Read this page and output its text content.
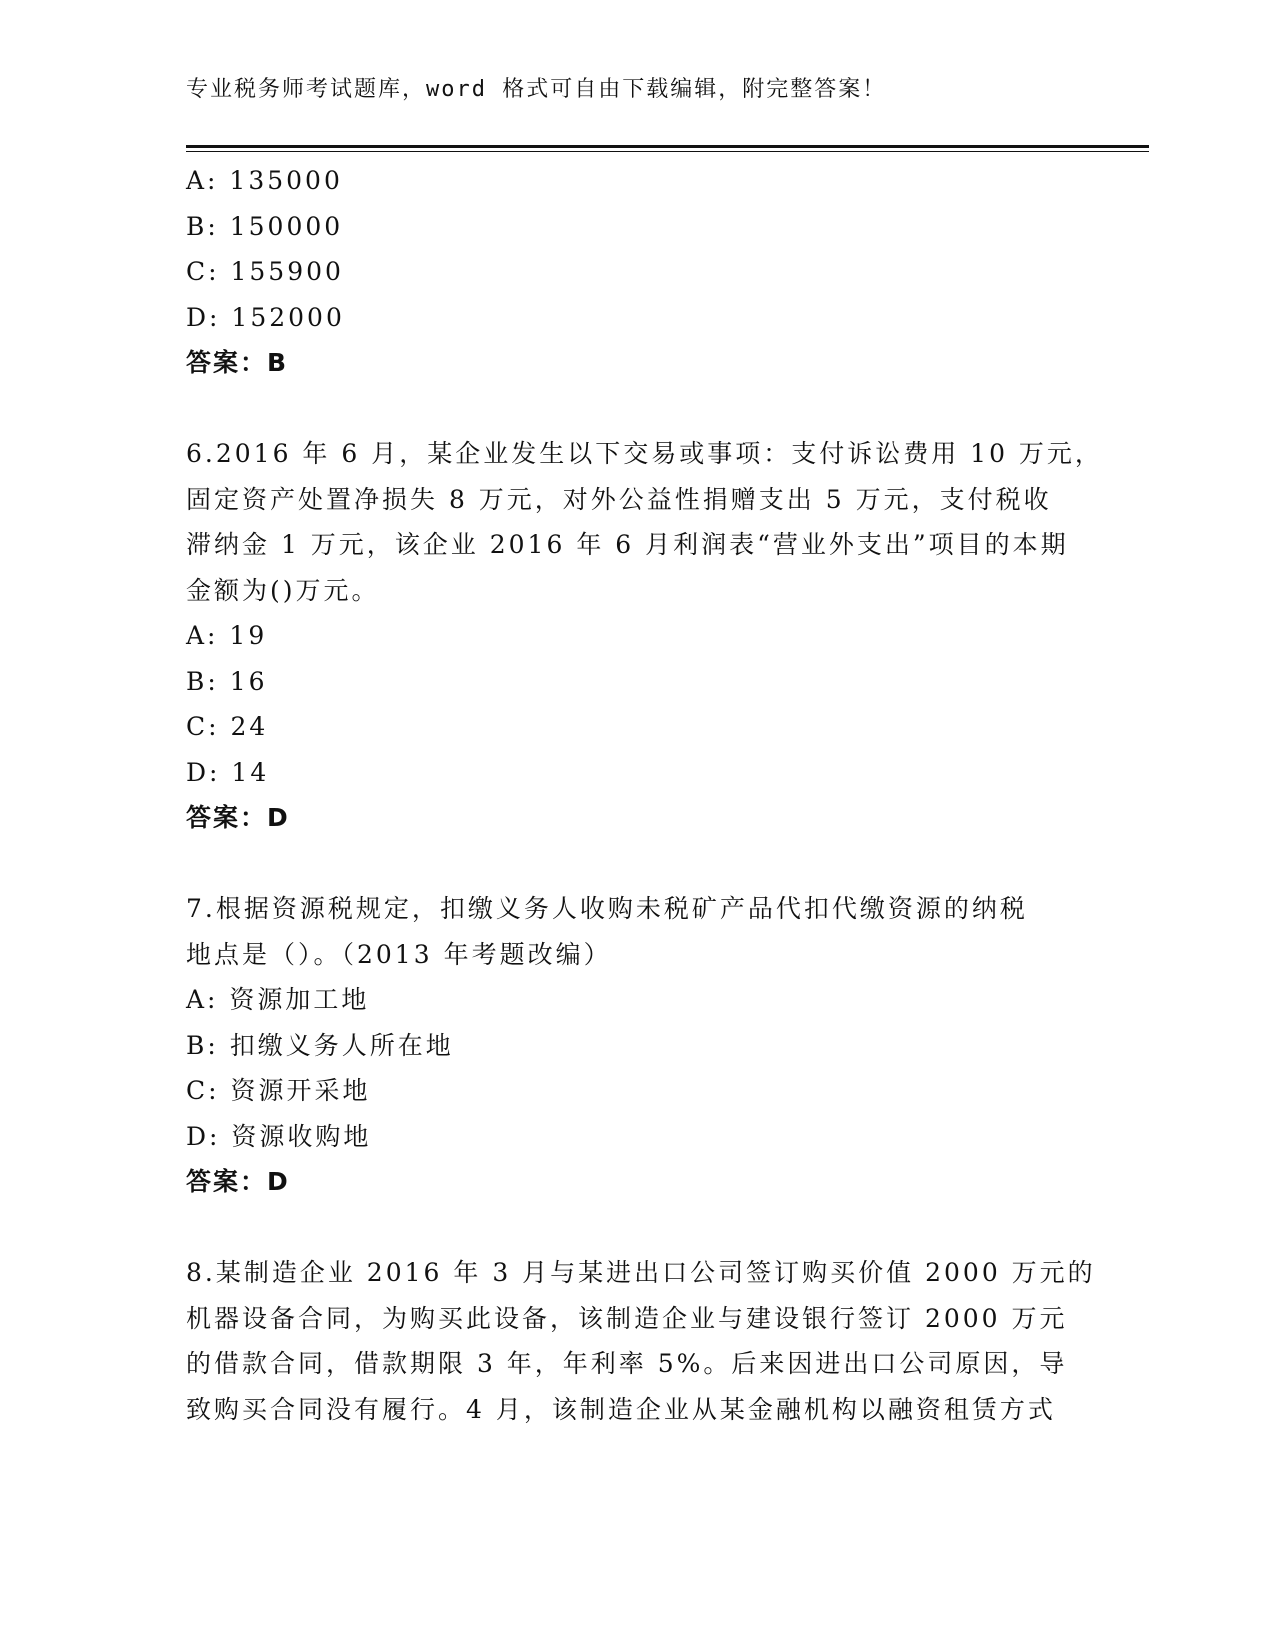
专业税务师考试题库，word 格式可自由下载编辑，附完整答案！
A: 135000
B: 150000
C: 155900
D: 152000
答案：B
6.2016 年 6 月，某企业发生以下交易或事项：支付诉讼费用 10 万元，
固定资产处置净损失 8 万元，对外公益性捐赠支出 5 万元，支付税收
滞纳金 1 万元，该企业 2016 年 6 月利润表“营业外支出”项目的本期
金额为()万元。
A: 19
B: 16
C: 24
D: 14
答案：D
7.根据资源税规定，扣缴义务人收购未税矿产品代扣代缴资源的纳税
地点是（）。（2013 年考题改编）
A: 资源加工地
B: 扣缴义务人所在地
C: 资源开采地
D: 资源收购地
答案：D
8.某制造企业 2016 年 3 月与某进出口公司签订购买价值 2000 万元的
机器设备合同，为购买此设备，该制造企业与建设银行签订 2000 万元
的借款合同，借款期限 3 年，年利率 5%。后来因进出口公司原因，导
致购买合同没有履行。4 月，该制造企业从某金融机构以融资租赁方式
